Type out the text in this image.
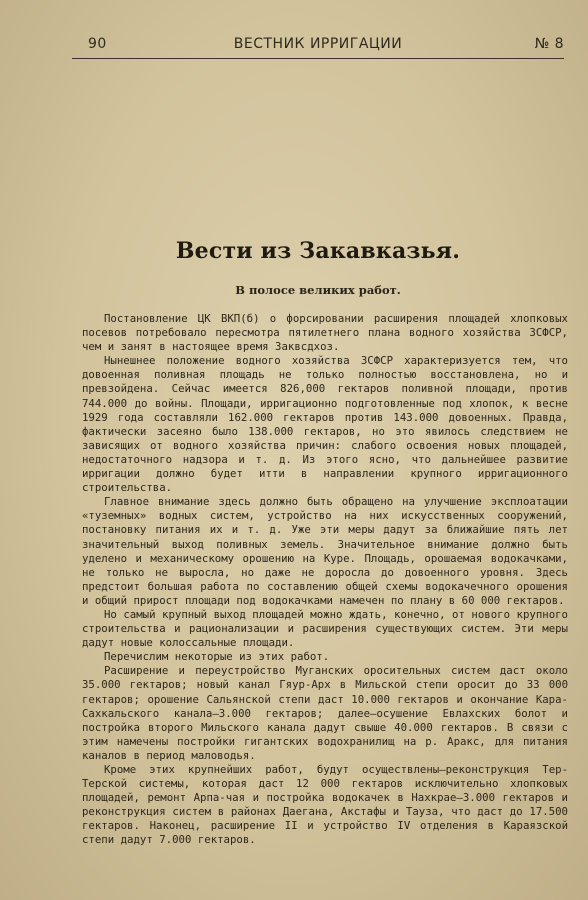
90	ВЕСТНИК ИРРИГАЦИИ	№ 8
Вести из Закавказья.
В полосе великих работ.

Постановление ЦК ВКП(б) о форсировании расширения площадей хлопковых посевов потребовало пересмотра пятилетнего плана водного хозяйства ЗСФСР, чем и занят в настоящее время Заквсдхоз.

Нынешнее положение водного хозяйства ЗСФСР характеризуется тем, что довоенная поливная площадь не только полностью восстановлена, но и превзойдена. Сейчас имеется 826,000 гектаров поливной площади, против 744.000 до войны. Площади, ирригационно подготовленные под хлопок, к весне 1929 года составляли 162.000 гектаров против 143.000 довоенных. Правда, фактически засеяно было 138.000 гектаров, но это явилось следствием не зависящих от водного хозяйства причин: слабого освоения новых площадей, недостаточного надзора и т. д. Из этого ясно, что дальнейшее развитие ирригации должно будет итти в направлении крупного ирригационного строительства.

Главное внимание здесь должно быть обращено на улучшение эксплоатации «туземных» водных систем, устройство на них искусственных сооружений, постановку питания их и т. д. Уже эти меры дадут за ближайшие пять лет значительный выход поливных земель. Значительное внимание должно быть уделено и механическому орошению на Куре. Площадь, орошаемая водокачками, не только не выросла, но даже не доросла до довоенного уровня. Здесь предстоит большая работа по составлению общей схемы водокачечного орошения и общий прирост площади под водокачками намечен по плану в 60 000 гектаров.

Но самый крупный выход площадей можно ждать, конечно, от нового крупного строительства и рационализации и расширения существующих систем. Эти меры дадут новые колоссальные площади.

Перечислим некоторые из этих работ.

Расширение и переустройство Муганских оросительных систем даст около 35.000 гектаров; новый канал Гяур-Арх в Мильской степи оросит до 33 000 гектаров; орошение Сальянской степи даст 10.000 гектаров и окончание Кара-Сахкальского канала—3.000 гектаров; далее—осушение Евлахских болот и постройка второго Мильского канала дадут свыше 40.000 гектаров. В связи с этим намечены постройки гигантских водохранилищ на р. Аракс, для питания каналов в период маловодья.

Кроме этих крупнейших работ, будут осуществлены—реконструкция Тер-Терской системы, которая даст 12 000 гектаров исключительно хлопковых площадей, ремонт Арпа-чая и постройка водокачек в Нахкрае—3.000 гектаров и реконструкция систем в районах Даегана, Акстафы и Тауза, что даст до 17.500 гектаров. Наконец, расширение II и устройство IV отделения в Караязской степи дадут 7.000 гектаров.
